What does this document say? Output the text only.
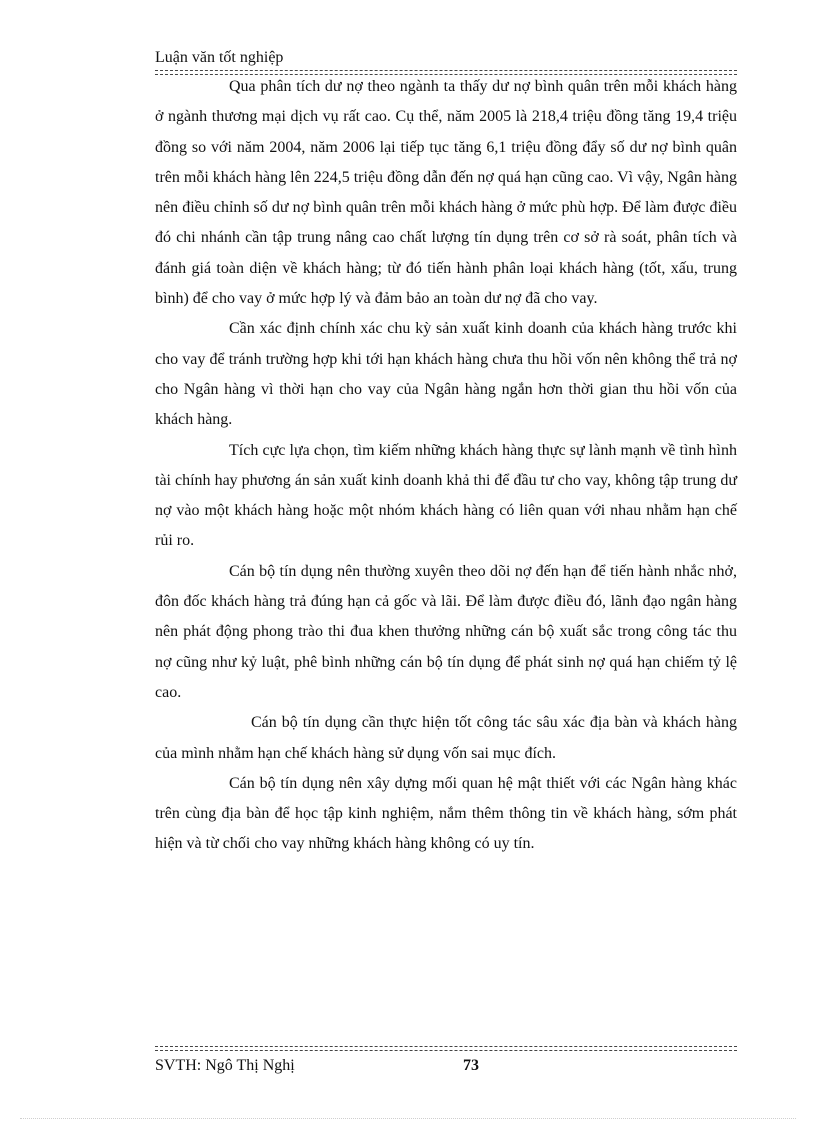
Luận văn tốt nghiệp

Qua phân tích dư nợ theo ngành ta thấy dư nợ bình quân trên mỗi khách hàng ở ngành thương mại dịch vụ rất cao. Cụ thể, năm 2005 là 218,4 triệu đồng tăng 19,4 triệu đồng so với năm 2004, năm 2006 lại tiếp tục tăng 6,1 triệu đồng đẩy số dư nợ bình quân trên mỗi khách hàng lên 224,5 triệu đồng dẫn đến nợ quá hạn cũng cao. Vì vậy, Ngân hàng nên điều chỉnh số dư nợ bình quân trên mỗi khách hàng ở mức phù hợp. Để làm được điều đó chi nhánh cần tập trung nâng cao chất lượng tín dụng trên cơ sở rà soát, phân tích và đánh giá toàn diện về khách hàng; từ đó tiến hành phân loại khách hàng (tốt, xấu, trung bình) để cho vay ở mức hợp lý và đảm bảo an toàn dư nợ đã cho vay.

Cần xác định chính xác chu kỳ sản xuất kinh doanh của khách hàng trước khi cho vay để tránh trường hợp khi tới hạn khách hàng chưa thu hồi vốn nên không thể trả nợ cho Ngân hàng vì thời hạn cho vay của Ngân hàng ngắn hơn thời gian thu hồi vốn của khách hàng.

Tích cực lựa chọn, tìm kiếm những khách hàng thực sự lành mạnh về tình hình tài chính hay phương án sản xuất kinh doanh khả thi để đầu tư cho vay, không tập trung dư nợ vào một khách hàng hoặc một nhóm khách hàng có liên quan với nhau nhằm hạn chế rủi ro.

Cán bộ tín dụng nên thường xuyên theo dõi nợ đến hạn để tiến hành nhắc nhở, đôn đốc khách hàng trả đúng hạn cả gốc và lãi. Để làm được điều đó, lãnh đạo ngân hàng nên phát động phong trào thi đua khen thưởng những cán bộ xuất sắc trong công tác thu nợ cũng như kỷ luật, phê bình những cán bộ tín dụng để phát sinh nợ quá hạn chiếm tỷ lệ cao.

Cán bộ tín dụng cần thực hiện tốt công tác sâu xác địa bàn và khách hàng của mình nhằm hạn chế khách hàng sử dụng vốn sai mục đích.

Cán bộ tín dụng nên xây dựng mối quan hệ mật thiết với các Ngân hàng khác trên cùng địa bàn để học tập kinh nghiệm, nắm thêm thông tin về khách hàng, sớm phát hiện và từ chối cho vay những khách hàng không có uy tín.

SVTH: Ngô Thị Nghị	73
